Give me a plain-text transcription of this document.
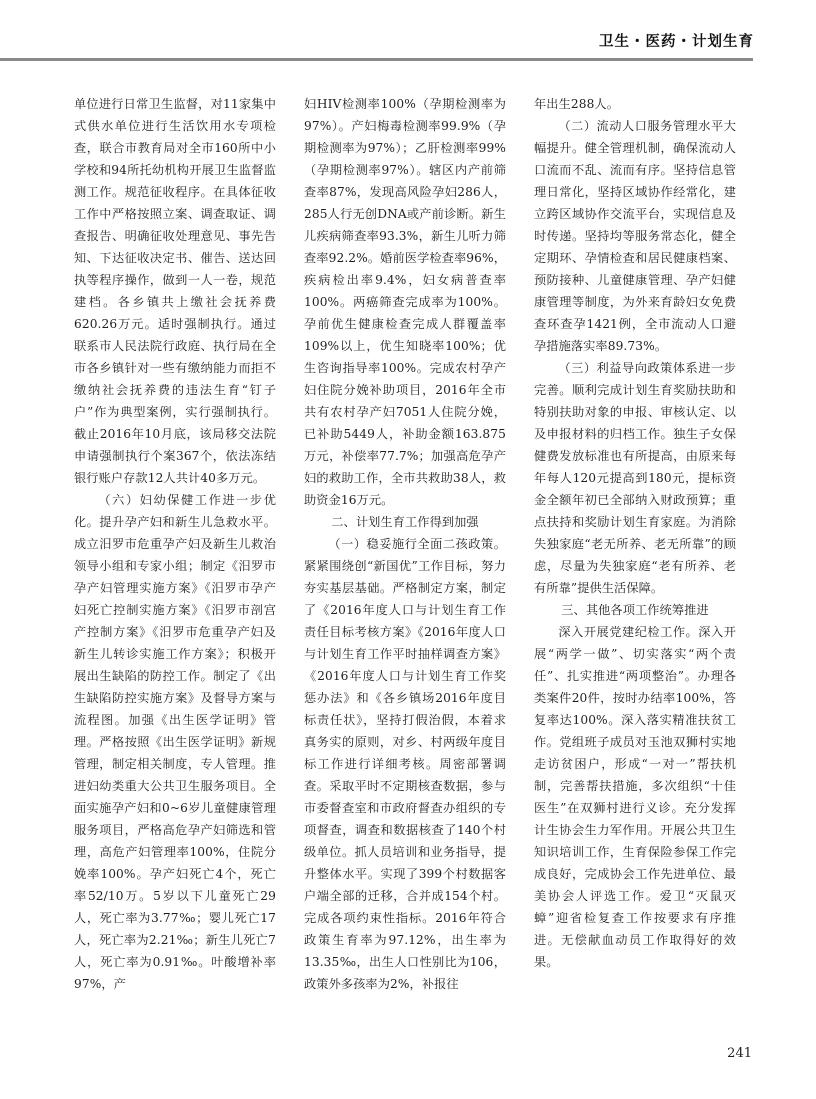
卫生・医药・计划生育

单位进行日常卫生监督，对11家集中式供水单位进行生活饮用水专项检查，联合市教育局对全市160所中小学校和94所托幼机构开展卫生监督监测工作。规范征收程序。在具体征收工作中严格按照立案、调查取证、调查报告、明确征收处理意见、事先告知、下达征收决定书、催告、送达回执等程序操作，做到一人一卷，规范建档。各乡镇共上缴社会抚养费620.26万元。适时强制执行。通过联系市人民法院行政庭、执行局在全市各乡镇针对一些有缴纳能力而拒不缴纳社会抚养费的违法生育“钉子户”作为典型案例，实行强制执行。截止2016年10月底，该局移交法院申请强制执行个案367个，依法冻结银行账户存款12人共计40多万元。

（六）妇幼保健工作进一步优化。提升孕产妇和新生儿急救水平。成立汨罗市危重孕产妇及新生儿救治领导小组和专家小组；制定《汨罗市孕产妇管理实施方案》《汨罗市孕产妇死亡控制实施方案》《汨罗市剖宫产控制方案》《汨罗市危重孕产妇及新生儿转诊实施工作方案》；积极开展出生缺陷的防控工作。制定了《出生缺陷防控实施方案》及督导方案与流程图。加强《出生医学证明》管理。严格按照《出生医学证明》新规管理，制定相关制度，专人管理。推进妇幼类重大公共卫生服务项目。全面实施孕产妇和0~6岁儿童健康管理服务项目，严格高危孕产妇筛选和管理，高危产妇管理率100%，住院分娩率100%。孕产妇死亡4个，死亡率52/10万。5岁以下儿童死亡29人，死亡率为3.77‰；婴儿死亡17人，死亡率为2.21‰；新生儿死亡7人，死亡率为0.91‰。叶酸增补率97%，产

妇HIV检测率100%（孕期检测率为97%）。产妇梅毒检测率99.9%（孕期检测率为97%）；乙肝检测率99%（孕期检测率97%）。辖区内产前筛查率87%，发现高风险孕妇286人，285人行无创DNA或产前诊断。新生儿疾病筛查率93.3%，新生儿听力筛查率92.2%。婚前医学检查率96%，疾病检出率9.4%，妇女病普查率100%。两癌筛查完成率为100%。孕前优生健康检查完成人群覆盖率109%以上，优生知晓率100%；优生咨询指导率100%。完成农村孕产妇住院分娩补助项目，2016年全市共有农村孕产妇7051人住院分娩，已补助5449人，补助金额163.875万元，补偿率77.7%；加强高危孕产妇的救助工作，全市共救助38人，救助资金16万元。

二、计划生育工作得到加强

（一）稳妥施行全面二孩政策。紧紧围绕创“新国优”工作目标，努力夯实基层基础。严格制定方案，制定了《2016年度人口与计划生育工作责任目标考核方案》《2016年度人口与计划生育工作平时抽样调查方案》《2016年度人口与计划生育工作奖惩办法》和《各乡镇场2016年度目标责任状》，坚持打假治假，本着求真务实的原则，对乡、村两级年度目标工作进行详细考核。周密部署调查。采取平时不定期核查数据，参与市委督查室和市政府督查办组织的专项督查，调查和数据核查了140个村级单位。抓人员培训和业务指导，提升整体水平。实现了399个村数据客户端全部的迁移，合并成154个村。完成各项约束性指标。2016年符合政策生育率为97.12%，出生率为13.35‰，出生人口性别比为106，政策外多孩率为2%，补报往

年出生288人。

（二）流动人口服务管理水平大幅提升。健全管理机制，确保流动人口流而不乱、流而有序。坚持信息管理日常化，坚持区域协作经常化，建立跨区域协作交流平台，实现信息及时传递。坚持均等服务常态化，健全定期环、孕情检查和居民健康档案、预防接种、儿童健康管理、孕产妇健康管理等制度，为外来育龄妇女免费查环查孕1421例，全市流动人口避孕措施落实率89.73%。

（三）利益导向政策体系进一步完善。顺利完成计划生育奖励扶助和特别扶助对象的申报、审核认定、以及申报材料的归档工作。独生子女保健费发放标准也有所提高，由原来每年每人120元提高到180元，提标资金全额年初已全部纳入财政预算；重点扶持和奖励计划生育家庭。为消除失独家庭“老无所养、老无所靠”的顾虑，尽量为失独家庭“老有所养、老有所靠”提供生活保障。

三、其他各项工作统筹推进

深入开展党建纪检工作。深入开展“两学一做”、切实落实“两个责任”、扎实推进“两项整治”。办理各类案件20件，按时办结率100%，答复率达100%。深入落实精准扶贫工作。党组班子成员对玉池双狮村实地走访贫困户，形成“一对一”帮扶机制，完善帮扶措施，多次组织“十佳医生”在双狮村进行义诊。充分发挥计生协会生力军作用。开展公共卫生知识培训工作，生育保险参保工作完成良好，完成协会工作先进单位、最美协会人评选工作。爱卫“灭鼠灭蟑”迎省检复查工作按要求有序推进。无偿献血动员工作取得好的效果。

241
